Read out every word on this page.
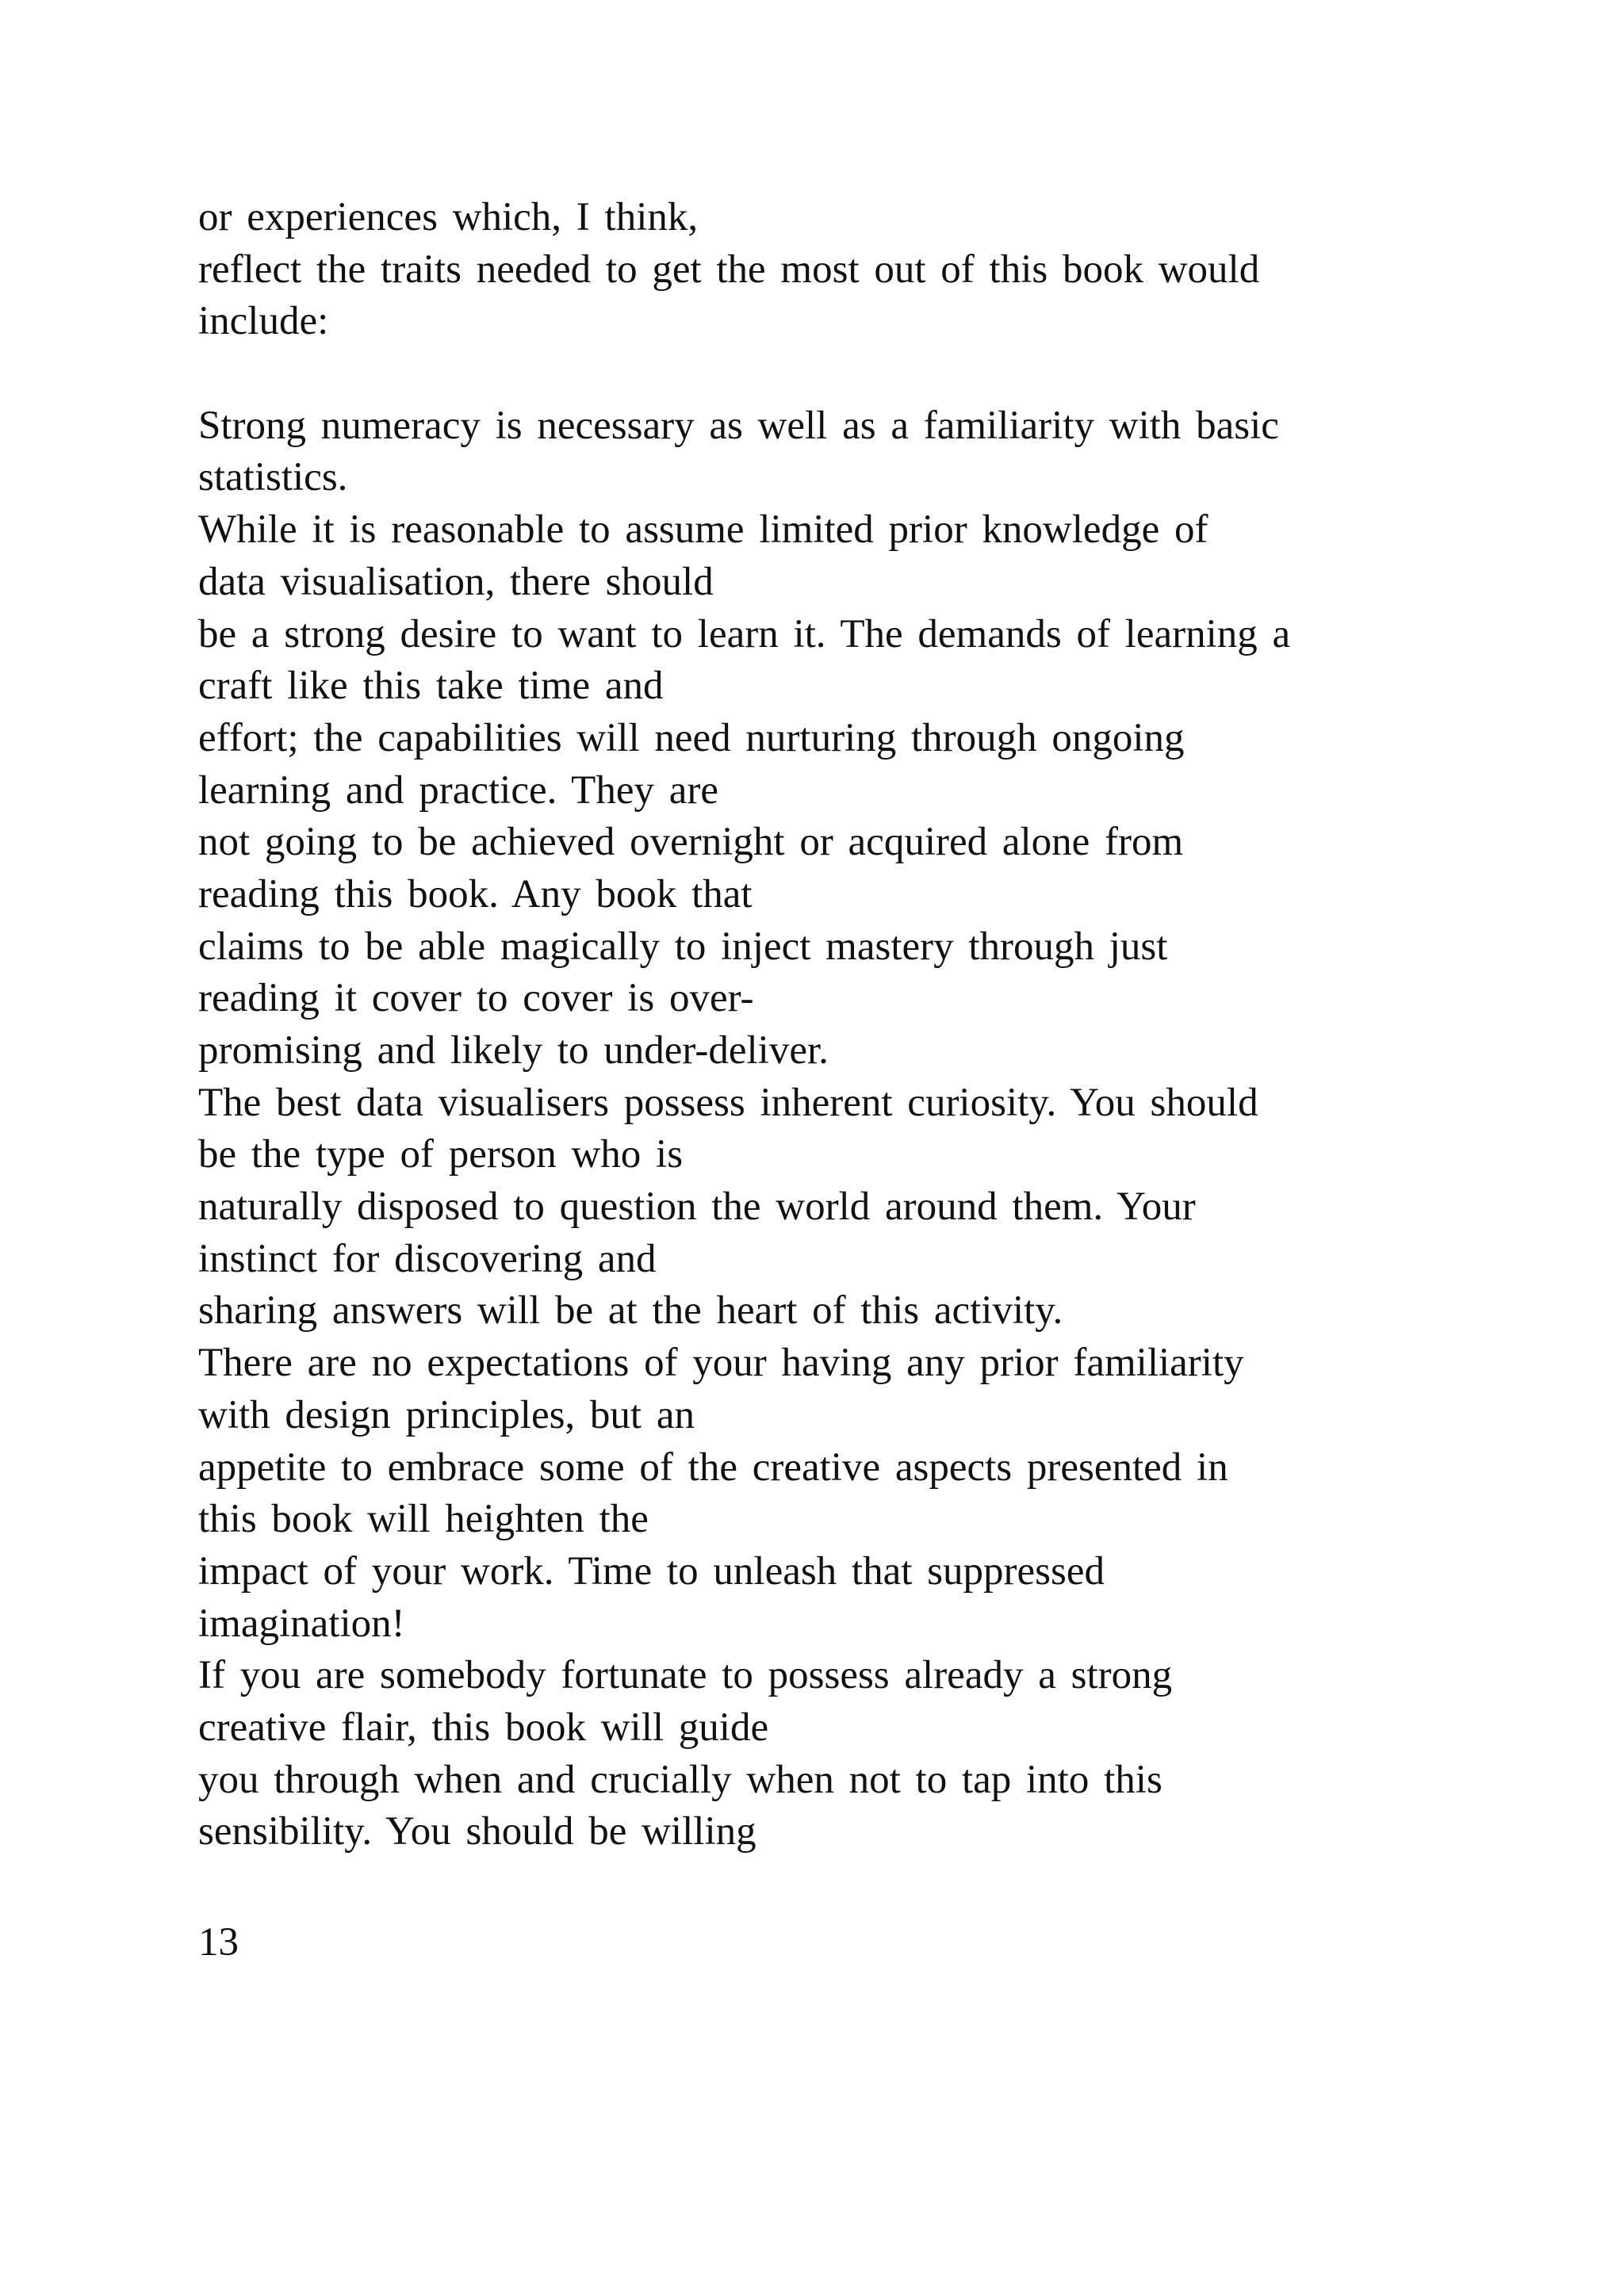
or experiences which, I think,
reflect the traits needed to get the most out of this book would
include:
Strong numeracy is necessary as well as a familiarity with basic
statistics.
While it is reasonable to assume limited prior knowledge of
data visualisation, there should
be a strong desire to want to learn it. The demands of learning a
craft like this take time and
effort; the capabilities will need nurturing through ongoing
learning and practice. They are
not going to be achieved overnight or acquired alone from
reading this book. Any book that
claims to be able magically to inject mastery through just
reading it cover to cover is over-
promising and likely to under-deliver.
The best data visualisers possess inherent curiosity. You should
be the type of person who is
naturally disposed to question the world around them. Your
instinct for discovering and
sharing answers will be at the heart of this activity.
There are no expectations of your having any prior familiarity
with design principles, but an
appetite to embrace some of the creative aspects presented in
this book will heighten the
impact of your work. Time to unleash that suppressed
imagination!
If you are somebody fortunate to possess already a strong
creative flair, this book will guide
you through when and crucially when not to tap into this
sensibility. You should be willing
13
